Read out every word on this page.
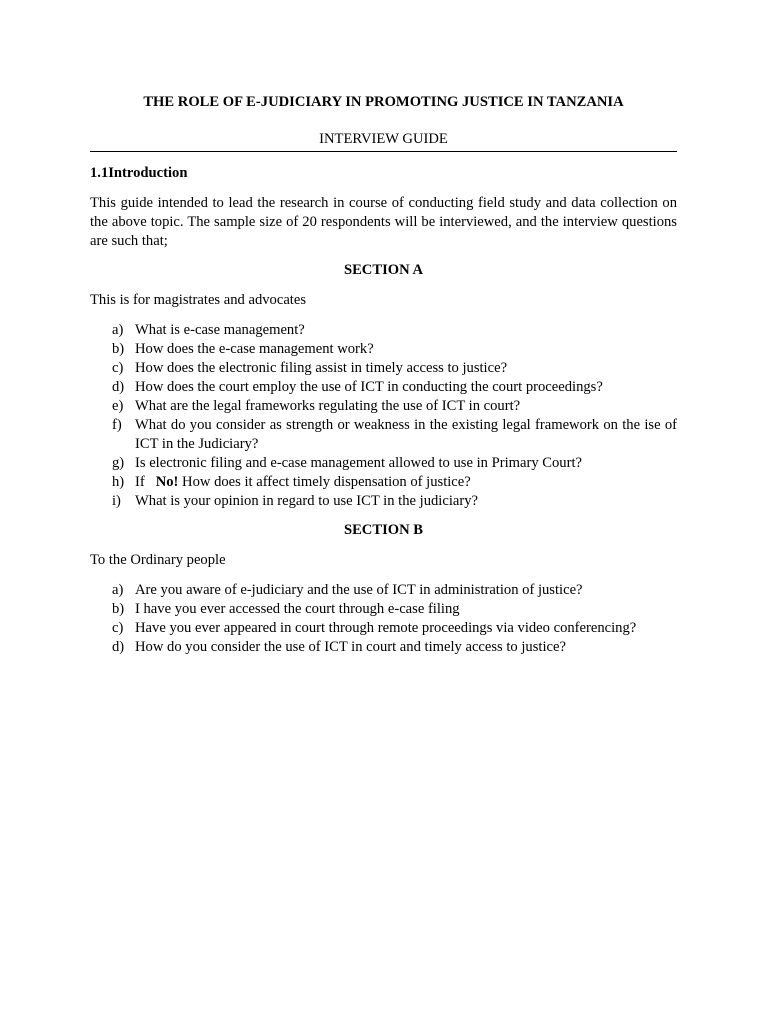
THE ROLE OF E-JUDICIARY IN PROMOTING JUSTICE IN TANZANIA
INTERVIEW GUIDE
1.1Introduction
This guide intended to lead the research in course of conducting field study and data collection on the above topic. The sample size of 20 respondents will be interviewed, and the interview questions are such that;
SECTION A
This is for magistrates and advocates
a) What is e-case management?
b) How does the e-case management work?
c) How does the electronic filing assist in timely access to justice?
d) How does the court employ the use of ICT in conducting the court proceedings?
e) What are the legal frameworks regulating the use of ICT in court?
f) What do you consider as strength or weakness in the existing legal framework on the ise of ICT in the Judiciary?
g) Is electronic filing and e-case management allowed to use in Primary Court?
h) If No! How does it affect timely dispensation of justice?
i) What is your opinion in regard to use ICT in the judiciary?
SECTION B
To the Ordinary people
a) Are you aware of e-judiciary and the use of ICT in administration of justice?
b) I have you ever accessed the court through e-case filing
c) Have you ever appeared in court through remote proceedings via video conferencing?
d) How do you consider the use of ICT in court and timely access to justice?
